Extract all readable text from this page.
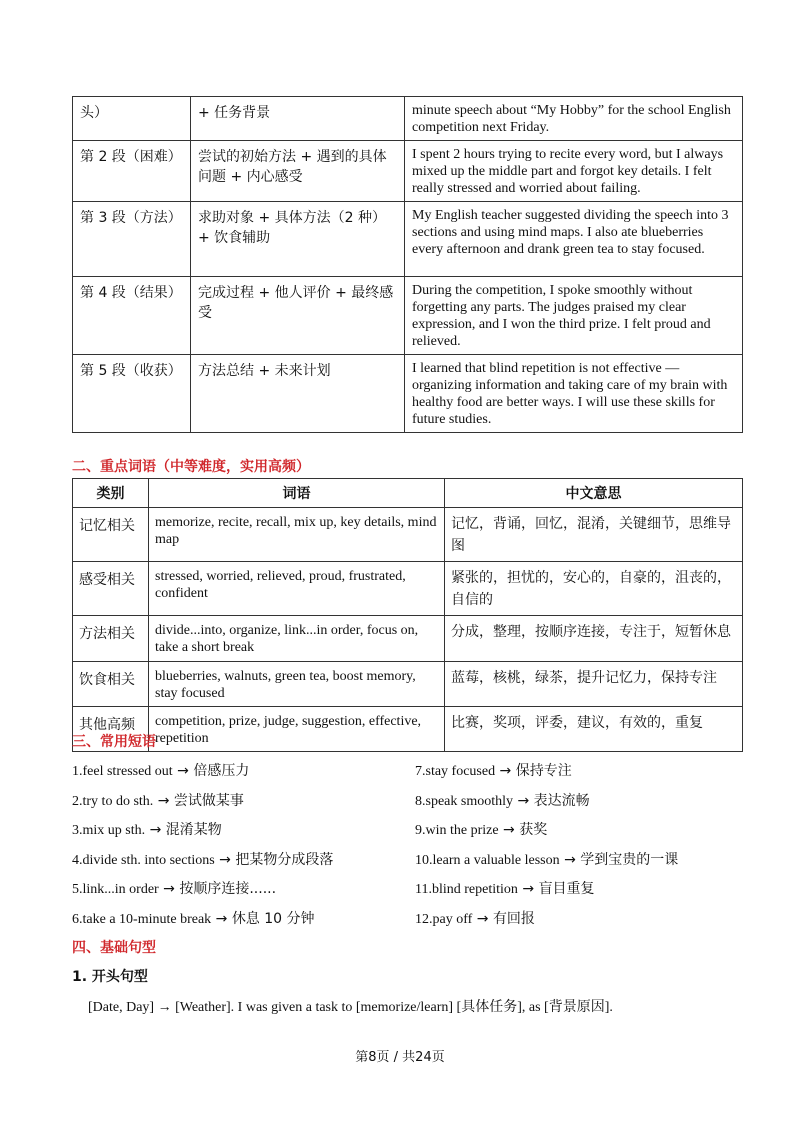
头）	+ 任务背景	minute speech about “My Hobby” for the school English competition next Friday.
第 2 段（困难）	尝试的初始方法 + 遇到的具体问题 + 内心感受	I spent 2 hours trying to recite every word, but I always mixed up the middle part and forgot key details. I felt really stressed and worried about failing.
第 3 段（方法）	求助对象 + 具体方法（2 种）+ 饮食辅助	My English teacher suggested dividing the speech into 3 sections and using mind maps. I also ate blueberries every afternoon and drank green tea to stay focused.
第 4 段（结果）	完成过程 + 他人评价 + 最终感受	During the competition, I spoke smoothly without forgetting any parts. The judges praised my clear expression, and I won the third prize. I felt proud and relieved.
第 5 段（收获）	方法总结 + 未来计划	I learned that blind repetition is not effective — organizing information and taking care of my brain with healthy food are better ways. I will use these skills for future studies.
二、重点词语（中等难度，实用高频）
类别	词语	中文意思
记忆相关	memorize, recite, recall, mix up, key details, mind map	记忆，背诵，回忆，混淆，关键细节，思维导图
感受相关	stressed, worried, relieved, proud, frustrated, confident	紧张的，担忧的，安心的，自豪的，沮丧的，自信的
方法相关	divide...into, organize, link...in order, focus on, take a short break	分成，整理，按顺序连接，专注于，短暂休息
饮食相关	blueberries, walnuts, green tea, boost memory, stay focused	蓝莓，核桃，绿茶，提升记忆力，保持专注
其他高频	competition, prize, judge, suggestion, effective, repetition	比赛，奖项，评委，建议，有效的，重复
三、常用短语
1.feel stressed out → 倍感压力
2.try to do sth. → 尝试做某事
3.mix up sth. → 混淆某物
4.divide sth. into sections → 把某物分成段落
5.link...in order → 按顺序连接......
6.take a 10-minute break → 休息 10 分钟
7.stay focused → 保持专注
8.speak smoothly → 表达流畅
9.win the prize → 获奖
10.learn a valuable lesson → 学到宝贵的一课
11.blind repetition → 盲目重复
12.pay off → 有回报
四、基础句型
1. 开头句型
[Date, Day] → [Weather]. I was given a task to [memorize/learn] [具体任务], as [背景原因].
第8页 / 共24页
